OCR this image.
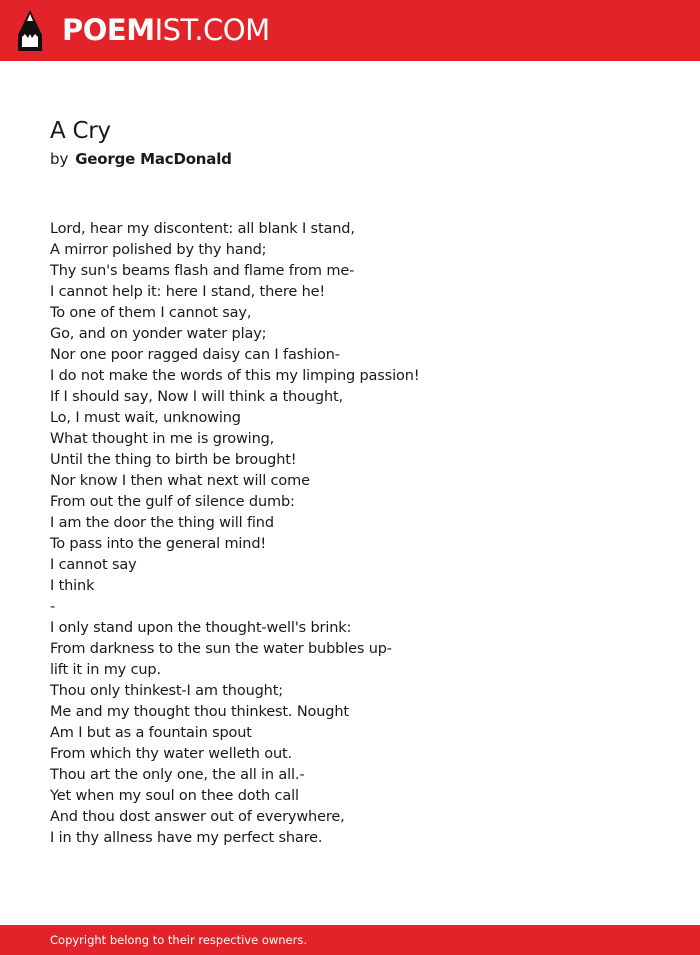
POEMIST.COM
A Cry
by George MacDonald
Lord, hear my discontent: all blank I stand,
A mirror polished by thy hand;
Thy sun's beams flash and flame from me-
I cannot help it: here I stand, there he!
To one of them I cannot say,
Go, and on yonder water play;
Nor one poor ragged daisy can I fashion-
I do not make the words of this my limping passion!
If I should say, Now I will think a thought,
Lo, I must wait, unknowing
What thought in me is growing,
Until the thing to birth be brought!
Nor know I then what next will come
From out the gulf of silence dumb:
I am the door the thing will find
To pass into the general mind!
I cannot say
I think
-
I only stand upon the thought-well's brink:
From darkness to the sun the water bubbles up-
lift it in my cup.
Thou only thinkest-I am thought;
Me and my thought thou thinkest. Nought
Am I but as a fountain spout
From which thy water welleth out.
Thou art the only one, the all in all.-
Yet when my soul on thee doth call
And thou dost answer out of everywhere,
I in thy allness have my perfect share.
Copyright belong to their respective owners.
